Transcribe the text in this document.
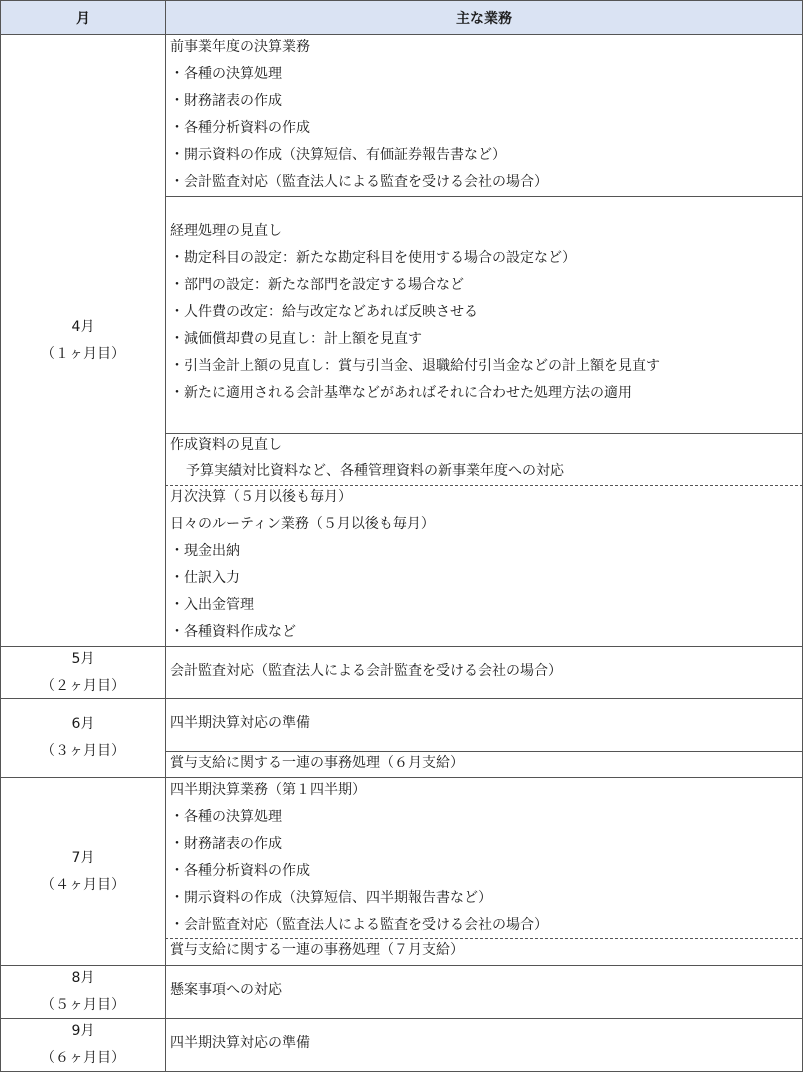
月	主な業務
4月
（１ヶ月目）
前事業年度の決算業務
・各種の決算処理
・財務諸表の作成
・各種分析資料の作成
・開示資料の作成（決算短信、有価証券報告書など）
・会計監査対応（監査法人による監査を受ける会社の場合）
経理処理の見直し
・勘定科目の設定：新たな勘定科目を使用する場合の設定など）
・部門の設定：新たな部門を設定する場合など
・人件費の改定：給与改定などあれば反映させる
・減価償却費の見直し：計上額を見直す
・引当金計上額の見直し：賞与引当金、退職給付引当金などの計上額を見直す
・新たに適用される会計基準などがあればそれに合わせた処理方法の適用
作成資料の見直し
予算実績対比資料など、各種管理資料の新事業年度への対応
月次決算（５月以後も毎月）
日々のルーティン業務（５月以後も毎月）
・現金出納
・仕訳入力
・入出金管理
・各種資料作成など
5月
（２ヶ月目）
会計監査対応（監査法人による会計監査を受ける会社の場合）
6月
（３ヶ月目）
四半期決算対応の準備
賞与支給に関する一連の事務処理（６月支給）
7月
（４ヶ月目）
四半期決算業務（第１四半期）
・各種の決算処理
・財務諸表の作成
・各種分析資料の作成
・開示資料の作成（決算短信、四半期報告書など）
・会計監査対応（監査法人による監査を受ける会社の場合）
賞与支給に関する一連の事務処理（７月支給）
8月
（５ヶ月目）
懸案事項への対応
9月
（６ヶ月目）
四半期決算対応の準備
